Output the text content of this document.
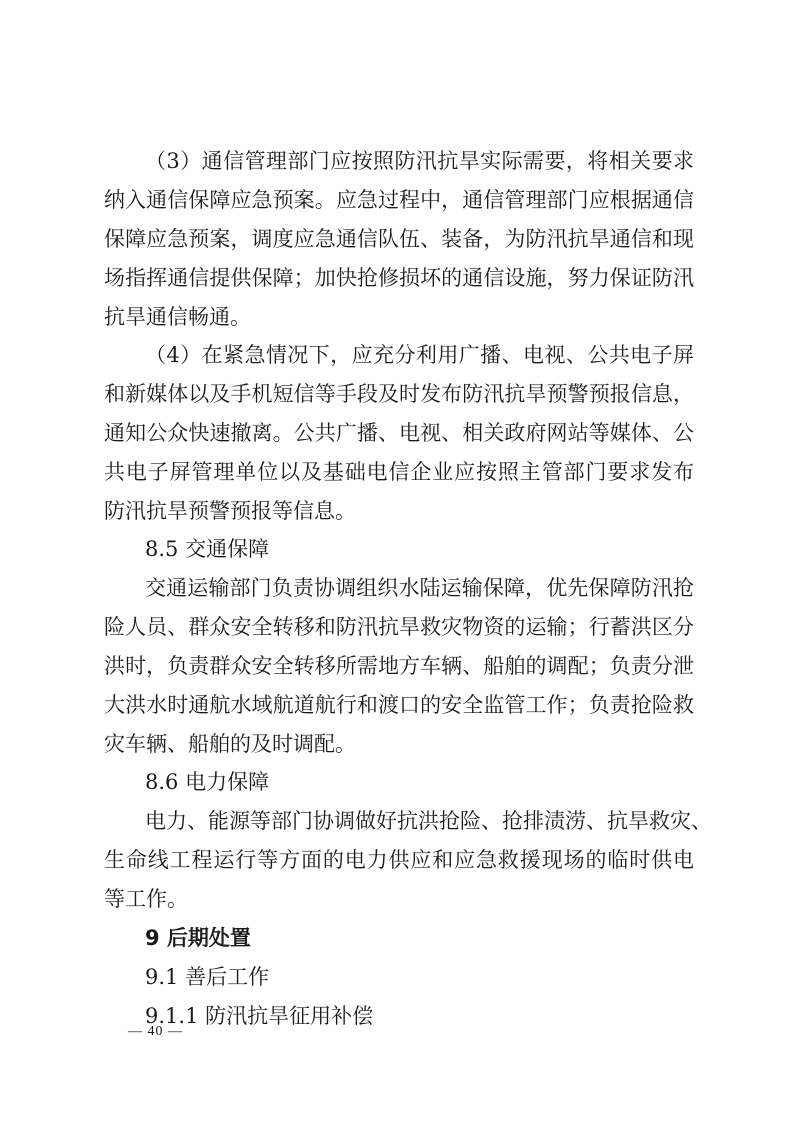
（3）通信管理部门应按照防汛抗旱实际需要，将相关要求
纳入通信保障应急预案。应急过程中，通信管理部门应根据通信
保障应急预案，调度应急通信队伍、装备，为防汛抗旱通信和现
场指挥通信提供保障；加快抢修损坏的通信设施，努力保证防汛
抗旱通信畅通。
（4）在紧急情况下，应充分利用广播、电视、公共电子屏
和新媒体以及手机短信等手段及时发布防汛抗旱预警预报信息，
通知公众快速撤离。公共广播、电视、相关政府网站等媒体、公
共电子屏管理单位以及基础电信企业应按照主管部门要求发布
防汛抗旱预警预报等信息。
8.5 交通保障
交通运输部门负责协调组织水陆运输保障，优先保障防汛抢
险人员、群众安全转移和防汛抗旱救灾物资的运输；行蓄洪区分
洪时，负责群众安全转移所需地方车辆、船舶的调配；负责分泄
大洪水时通航水域航道航行和渡口的安全监管工作；负责抢险救
灾车辆、船舶的及时调配。
8.6 电力保障
电力、能源等部门协调做好抗洪抢险、抢排渍涝、抗旱救灾、
生命线工程运行等方面的电力供应和应急救援现场的临时供电
等工作。
9 后期处置
9.1 善后工作
9.1.1 防汛抗旱征用补偿
— 40 —
